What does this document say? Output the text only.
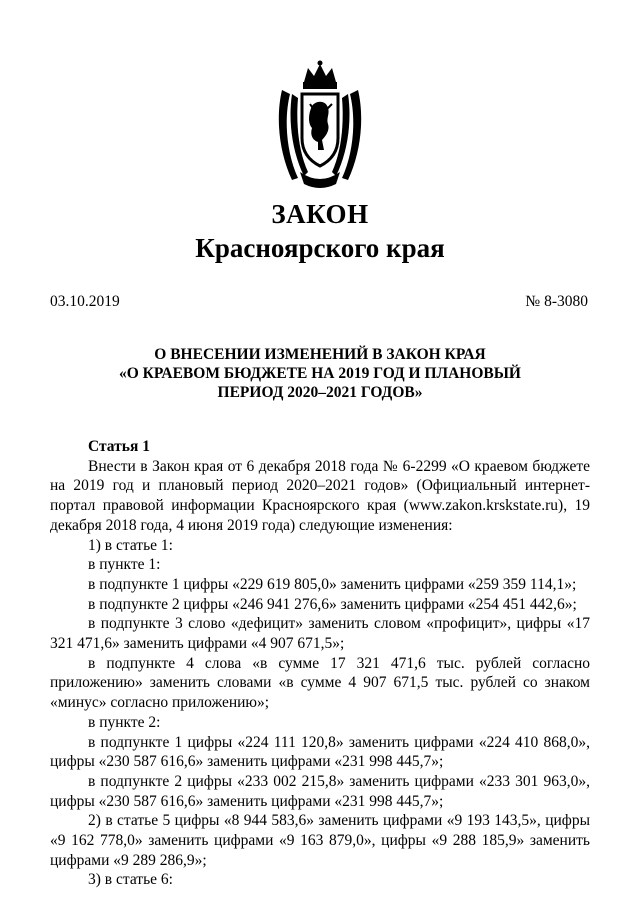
ЗАКОН
Красноярского края
03.10.2019	№ 8-3080
О ВНЕСЕНИИ ИЗМЕНЕНИЙ В ЗАКОН КРАЯ
«О КРАЕВОМ БЮДЖЕТЕ НА 2019 ГОД И ПЛАНОВЫЙ
ПЕРИОД 2020–2021 ГОДОВ»

Статья 1

Внести в Закон края от 6 декабря 2018 года № 6-2299 «О краевом бюджете на 2019 год и плановый период 2020–2021 годов» (Официальный интернет-портал правовой информации Красноярского края (www.zakon.krskstate.ru), 19 декабря 2018 года, 4 июня 2019 года) следующие изменения:

1) в статье 1:

в пункте 1:

в подпункте 1 цифры «229 619 805,0» заменить цифрами «259 359 114,1»;

в подпункте 2 цифры «246 941 276,6» заменить цифрами «254 451 442,6»;

в подпункте 3 слово «дефицит» заменить словом «профицит», цифры «17 321 471,6» заменить цифрами «4 907 671,5»;

в подпункте 4 слова «в сумме 17 321 471,6 тыс. рублей согласно приложению» заменить словами «в сумме 4 907 671,5 тыс. рублей со знаком «минус» согласно приложению»;

в пункте 2:

в подпункте 1 цифры «224 111 120,8» заменить цифрами «224 410 868,0», цифры «230 587 616,6» заменить цифрами «231 998 445,7»;

в подпункте 2 цифры «233 002 215,8» заменить цифрами «233 301 963,0», цифры «230 587 616,6» заменить цифрами «231 998 445,7»;

2) в статье 5 цифры «8 944 583,6» заменить цифрами «9 193 143,5», цифры «9 162 778,0» заменить цифрами «9 163 879,0», цифры «9 288 185,9» заменить цифрами «9 289 286,9»;

3) в статье 6:
